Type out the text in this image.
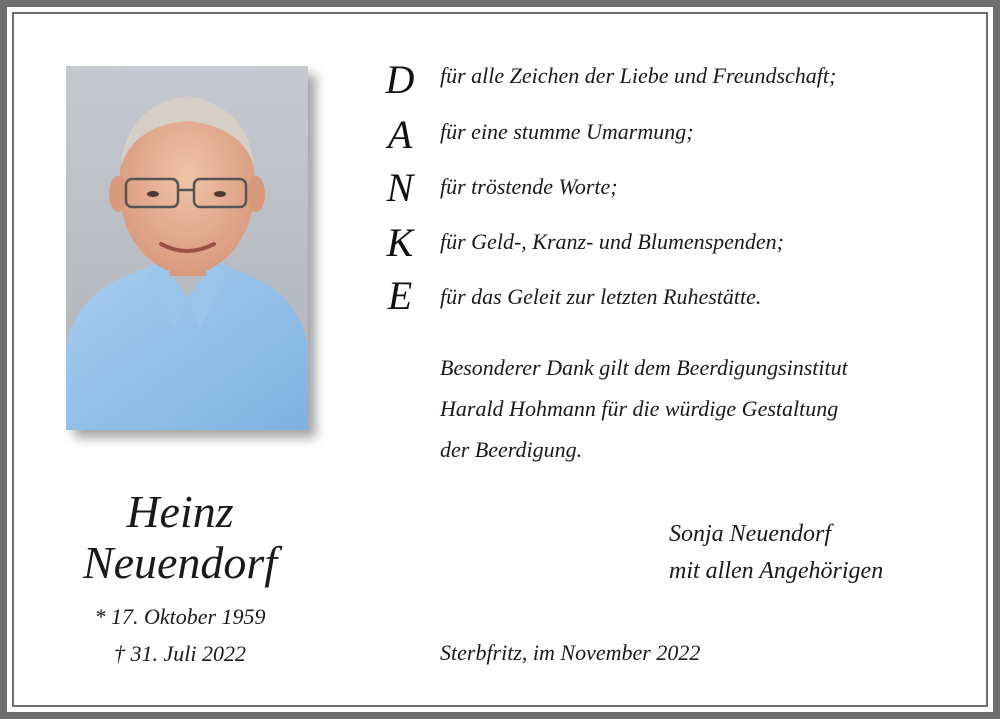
Heinz
Neuendorf
* 17. Oktober 1959
† 31. Juli 2022
D für alle Zeichen der Liebe und Freundschaft;
A	für eine stumme Umarmung;
N	für tröstende Worte;
K	für Geld-, Kranz- und Blumenspenden;
E	für das Geleit zur letzten Ruhestätte.
Besonderer Dank gilt dem Beerdigungsinstitut
Harald Hohmann für die würdige Gestaltung
der Beerdigung.
Sonja Neuendorf
mit allen Angehörigen
Sterbfritz, im November 2022
